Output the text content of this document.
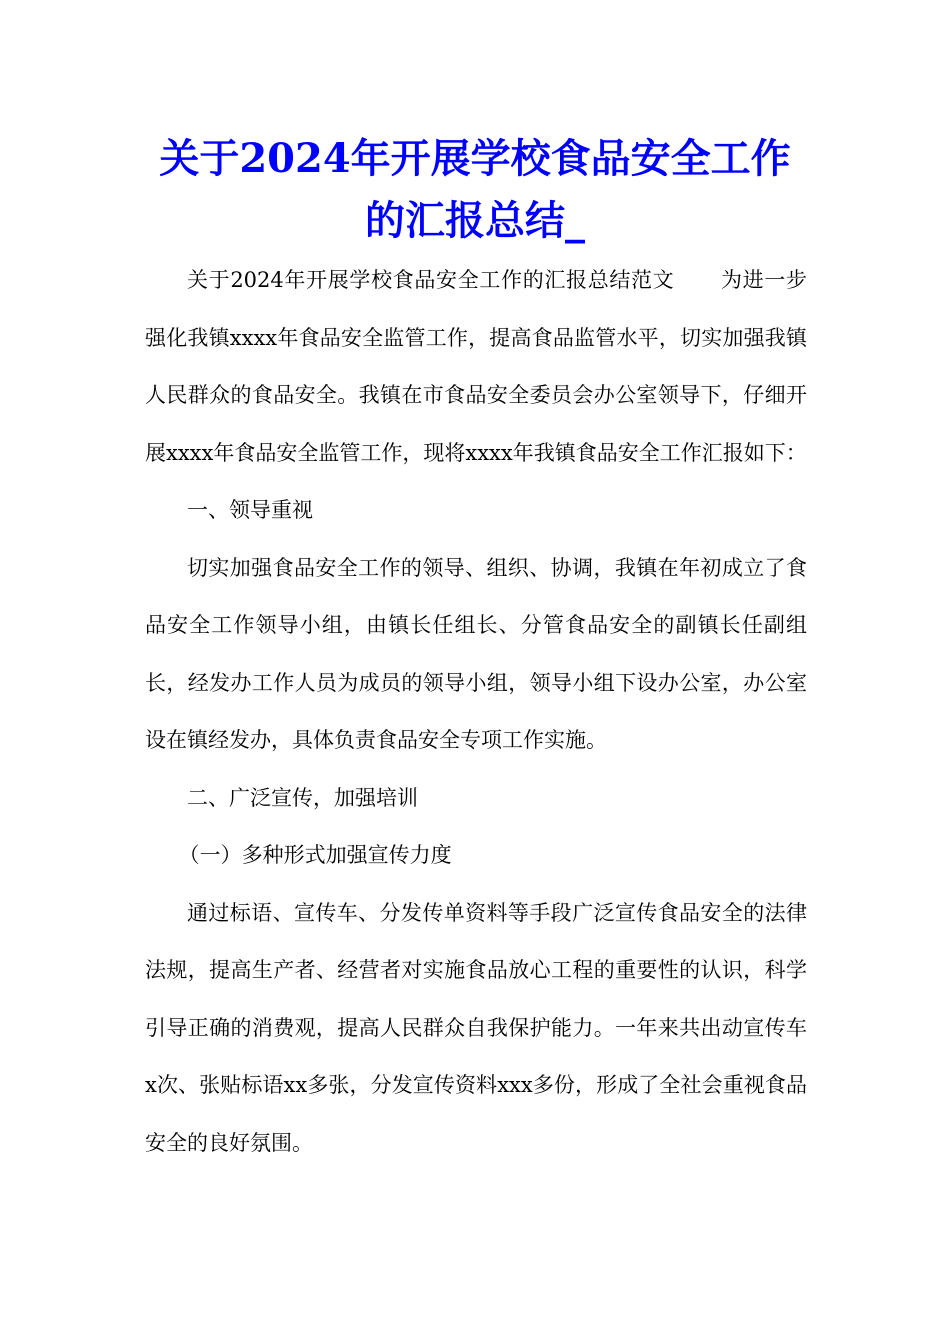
关于2024年开展学校食品安全工作
的汇报总结_

关于2024年开展学校食品安全工作的汇报总结范文 为进一步强化我镇xxxx年食品安全监管工作，提高食品监管水平，切实加强我镇人民群众的食品安全。我镇在市食品安全委员会办公室领导下，仔细开展xxxx年食品安全监管工作，现将xxxx年我镇食品安全工作汇报如下：

一、领导重视

切实加强食品安全工作的领导、组织、协调，我镇在年初成立了食品安全工作领导小组，由镇长任组长、分管食品安全的副镇长任副组长，经发办工作人员为成员的领导小组，领导小组下设办公室，办公室设在镇经发办，具体负责食品安全专项工作实施。

二、广泛宣传，加强培训

（一）多种形式加强宣传力度

通过标语、宣传车、分发传单资料等手段广泛宣传食品安全的法律法规，提高生产者、经营者对实施食品放心工程的重要性的认识，科学引导正确的消费观，提高人民群众自我保护能力。一年来共出动宣传车x次、张贴标语xx多张，分发宣传资料xxx多份，形成了全社会重视食品安全的良好氛围。
